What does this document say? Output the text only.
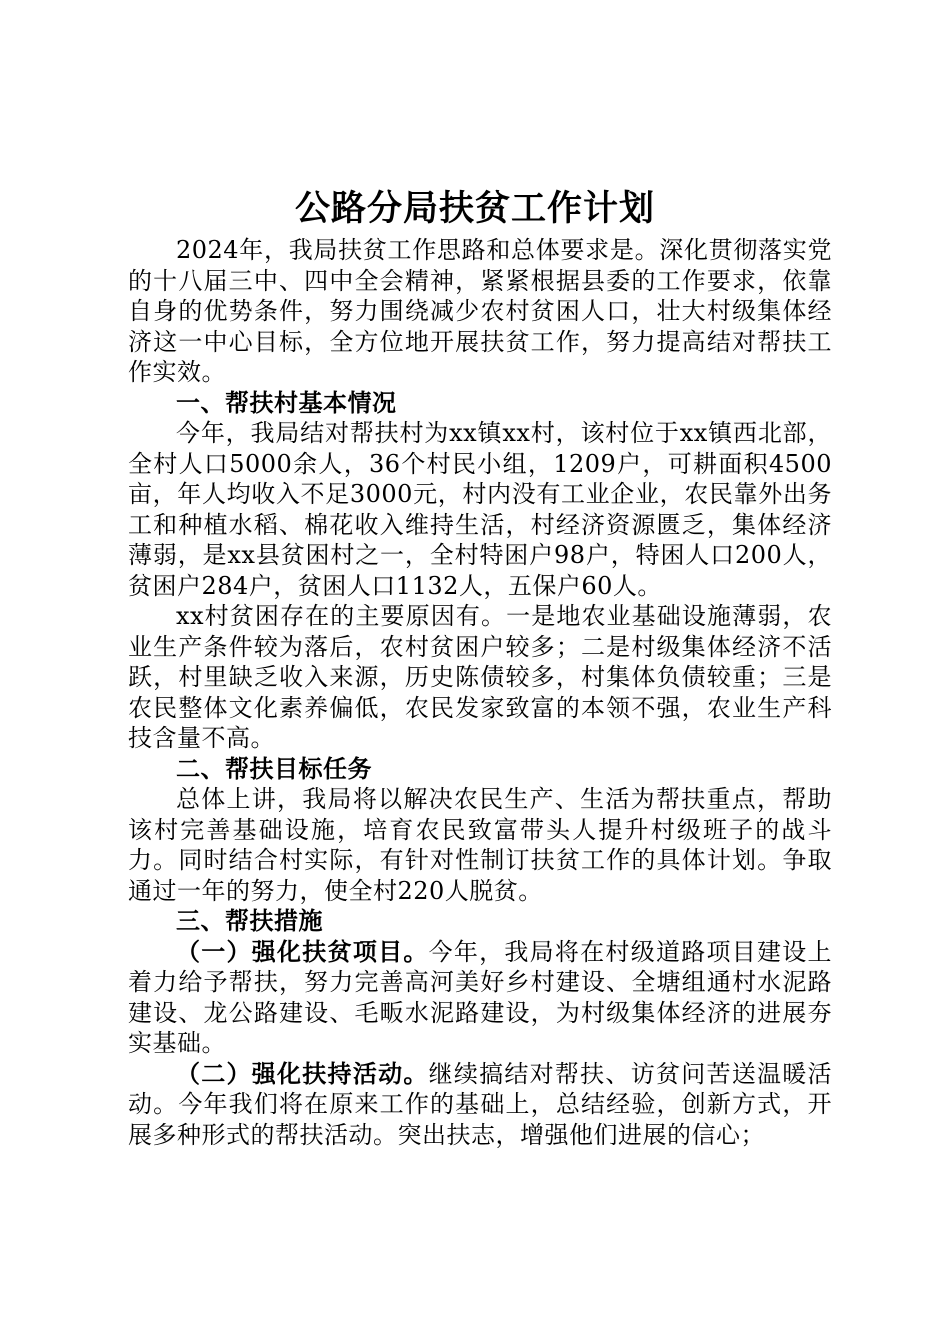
公路分局扶贫工作计划

2024年，我局扶贫工作思路和总体要求是。深化贯彻落实党的十八届三中、四中全会精神，紧紧根据县委的工作要求，依靠自身的优势条件，努力围绕减少农村贫困人口，壮大村级集体经济这一中心目标，全方位地开展扶贫工作，努力提高结对帮扶工作实效。

一、帮扶村基本情况

今年，我局结对帮扶村为xx镇xx村，该村位于xx镇西北部，全村人口5000余人，36个村民小组，1209户，可耕面积4500亩，年人均收入不足3000元，村内没有工业企业，农民靠外出务工和种植水稻、棉花收入维持生活，村经济资源匮乏，集体经济薄弱，是xx县贫困村之一，全村特困户98户，特困人口200人，贫困户284户，贫困人口1132人，五保户60人。

xx村贫困存在的主要原因有。一是地农业基础设施薄弱，农业生产条件较为落后，农村贫困户较多；二是村级集体经济不活跃，村里缺乏收入来源，历史陈债较多，村集体负债较重；三是农民整体文化素养偏低，农民发家致富的本领不强，农业生产科技含量不高。

二、帮扶目标任务

总体上讲，我局将以解决农民生产、生活为帮扶重点，帮助该村完善基础设施，培育农民致富带头人提升村级班子的战斗力。同时结合村实际，有针对性制订扶贫工作的具体计划。争取通过一年的努力，使全村220人脱贫。

三、帮扶措施

（一）强化扶贫项目。今年，我局将在村级道路项目建设上着力给予帮扶，努力完善高河美好乡村建设、全塘组通村水泥路建设、龙公路建设、毛畈水泥路建设，为村级集体经济的进展夯实基础。

（二）强化扶持活动。继续搞结对帮扶、访贫问苦送温暖活动。今年我们将在原来工作的基础上，总结经验，创新方式，开展多种形式的帮扶活动。突出扶志，增强他们进展的信心；
